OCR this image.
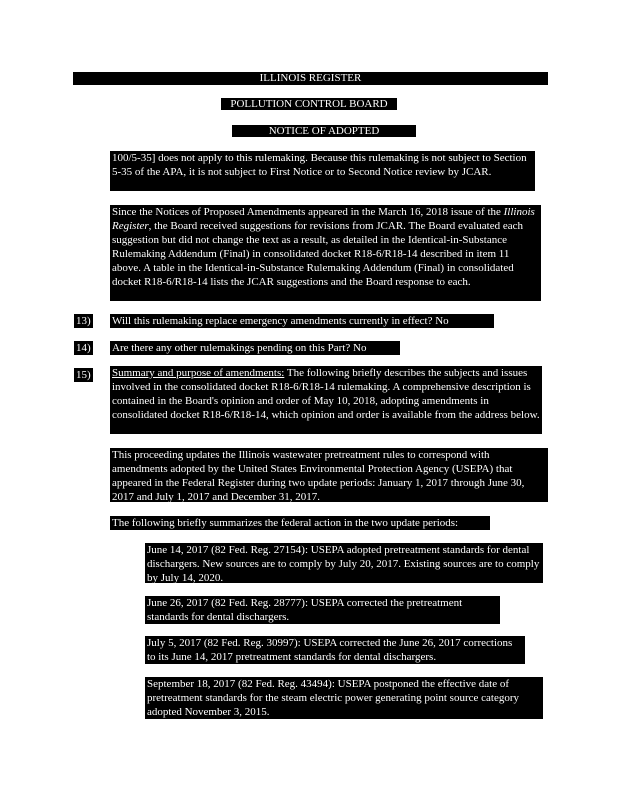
ILLINOIS REGISTER
POLLUTION CONTROL BOARD
NOTICE OF ADOPTED AMENDMENTS
100/5-35] does not apply to this rulemaking. Because this rulemaking is not subject to Section 5-35 of the APA, it is not subject to First Notice or to Second Notice review by JCAR.
Since the Notices of Proposed Amendments appeared in the March 16, 2018 issue of the Illinois Register, the Board received suggestions for revisions from JCAR. The Board evaluated each suggestion but did not change the text as a result, as detailed in the Identical-in-Substance Rulemaking Addendum (Final) in consolidated docket R18-6/R18-14 described in item 11 above. A table in the Identical-in-Substance Rulemaking Addendum (Final) in consolidated docket R18-6/R18-14 lists the JCAR suggestions and the Board response to each.
13) Will this rulemaking replace emergency amendments currently in effect? No
14) Are there any other rulemakings pending on this Part? No
15) Summary and purpose of amendments: The following briefly describes the subjects and issues involved in the consolidated docket R18-6/R18-14 rulemaking. A comprehensive description is contained in the Board's opinion and order of May 10, 2018, adopting amendments in consolidated docket R18-6/R18-14, which opinion and order is available from the address below.
This proceeding updates the Illinois wastewater pretreatment rules to correspond with amendments adopted by the United States Environmental Protection Agency (USEPA) that appeared in the Federal Register during two update periods: January 1, 2017 through June 30, 2017 and July 1, 2017 and December 31, 2017.
The following briefly summarizes the federal action in the two update periods:
June 14, 2017 (82 Fed. Reg. 27154): USEPA adopted pretreatment standards for dental dischargers. New sources are to comply by July 20, 2017. Existing sources are to comply by July 14, 2020.
June 26, 2017 (82 Fed. Reg. 28777): USEPA corrected the pretreatment standards for dental dischargers.
July 5, 2017 (82 Fed. Reg. 30997): USEPA corrected the June 26, 2017 corrections to its June 14, 2017 pretreatment standards for dental dischargers.
September 18, 2017 (82 Fed. Reg. 43494): USEPA postponed the effective date of pretreatment standards for the steam electric power generating point source category adopted November 3, 2015.
